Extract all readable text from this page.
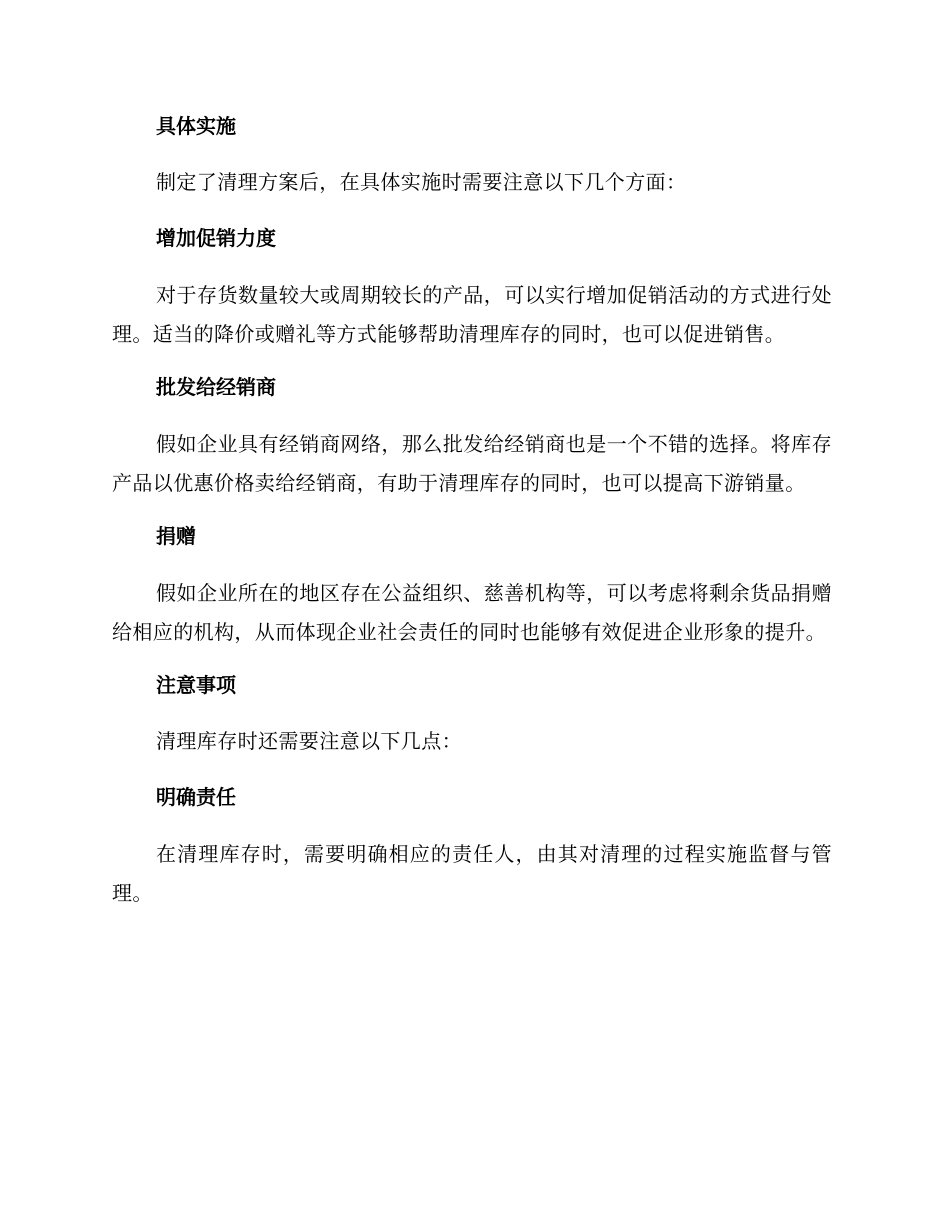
具体实施

制定了清理方案后，在具体实施时需要注意以下几个方面：

增加促销力度

对于存货数量较大或周期较长的产品，可以实行增加促销活动的方式进行处理。适当的降价或赠礼等方式能够帮助清理库存的同时，也可以促进销售。

批发给经销商

假如企业具有经销商网络，那么批发给经销商也是一个不错的选择。将库存产品以优惠价格卖给经销商，有助于清理库存的同时，也可以提高下游销量。

捐赠

假如企业所在的地区存在公益组织、慈善机构等，可以考虑将剩余货品捐赠给相应的机构，从而体现企业社会责任的同时也能够有效促进企业形象的提升。

注意事项

清理库存时还需要注意以下几点：

明确责任

在清理库存时，需要明确相应的责任人，由其对清理的过程实施监督与管理。
